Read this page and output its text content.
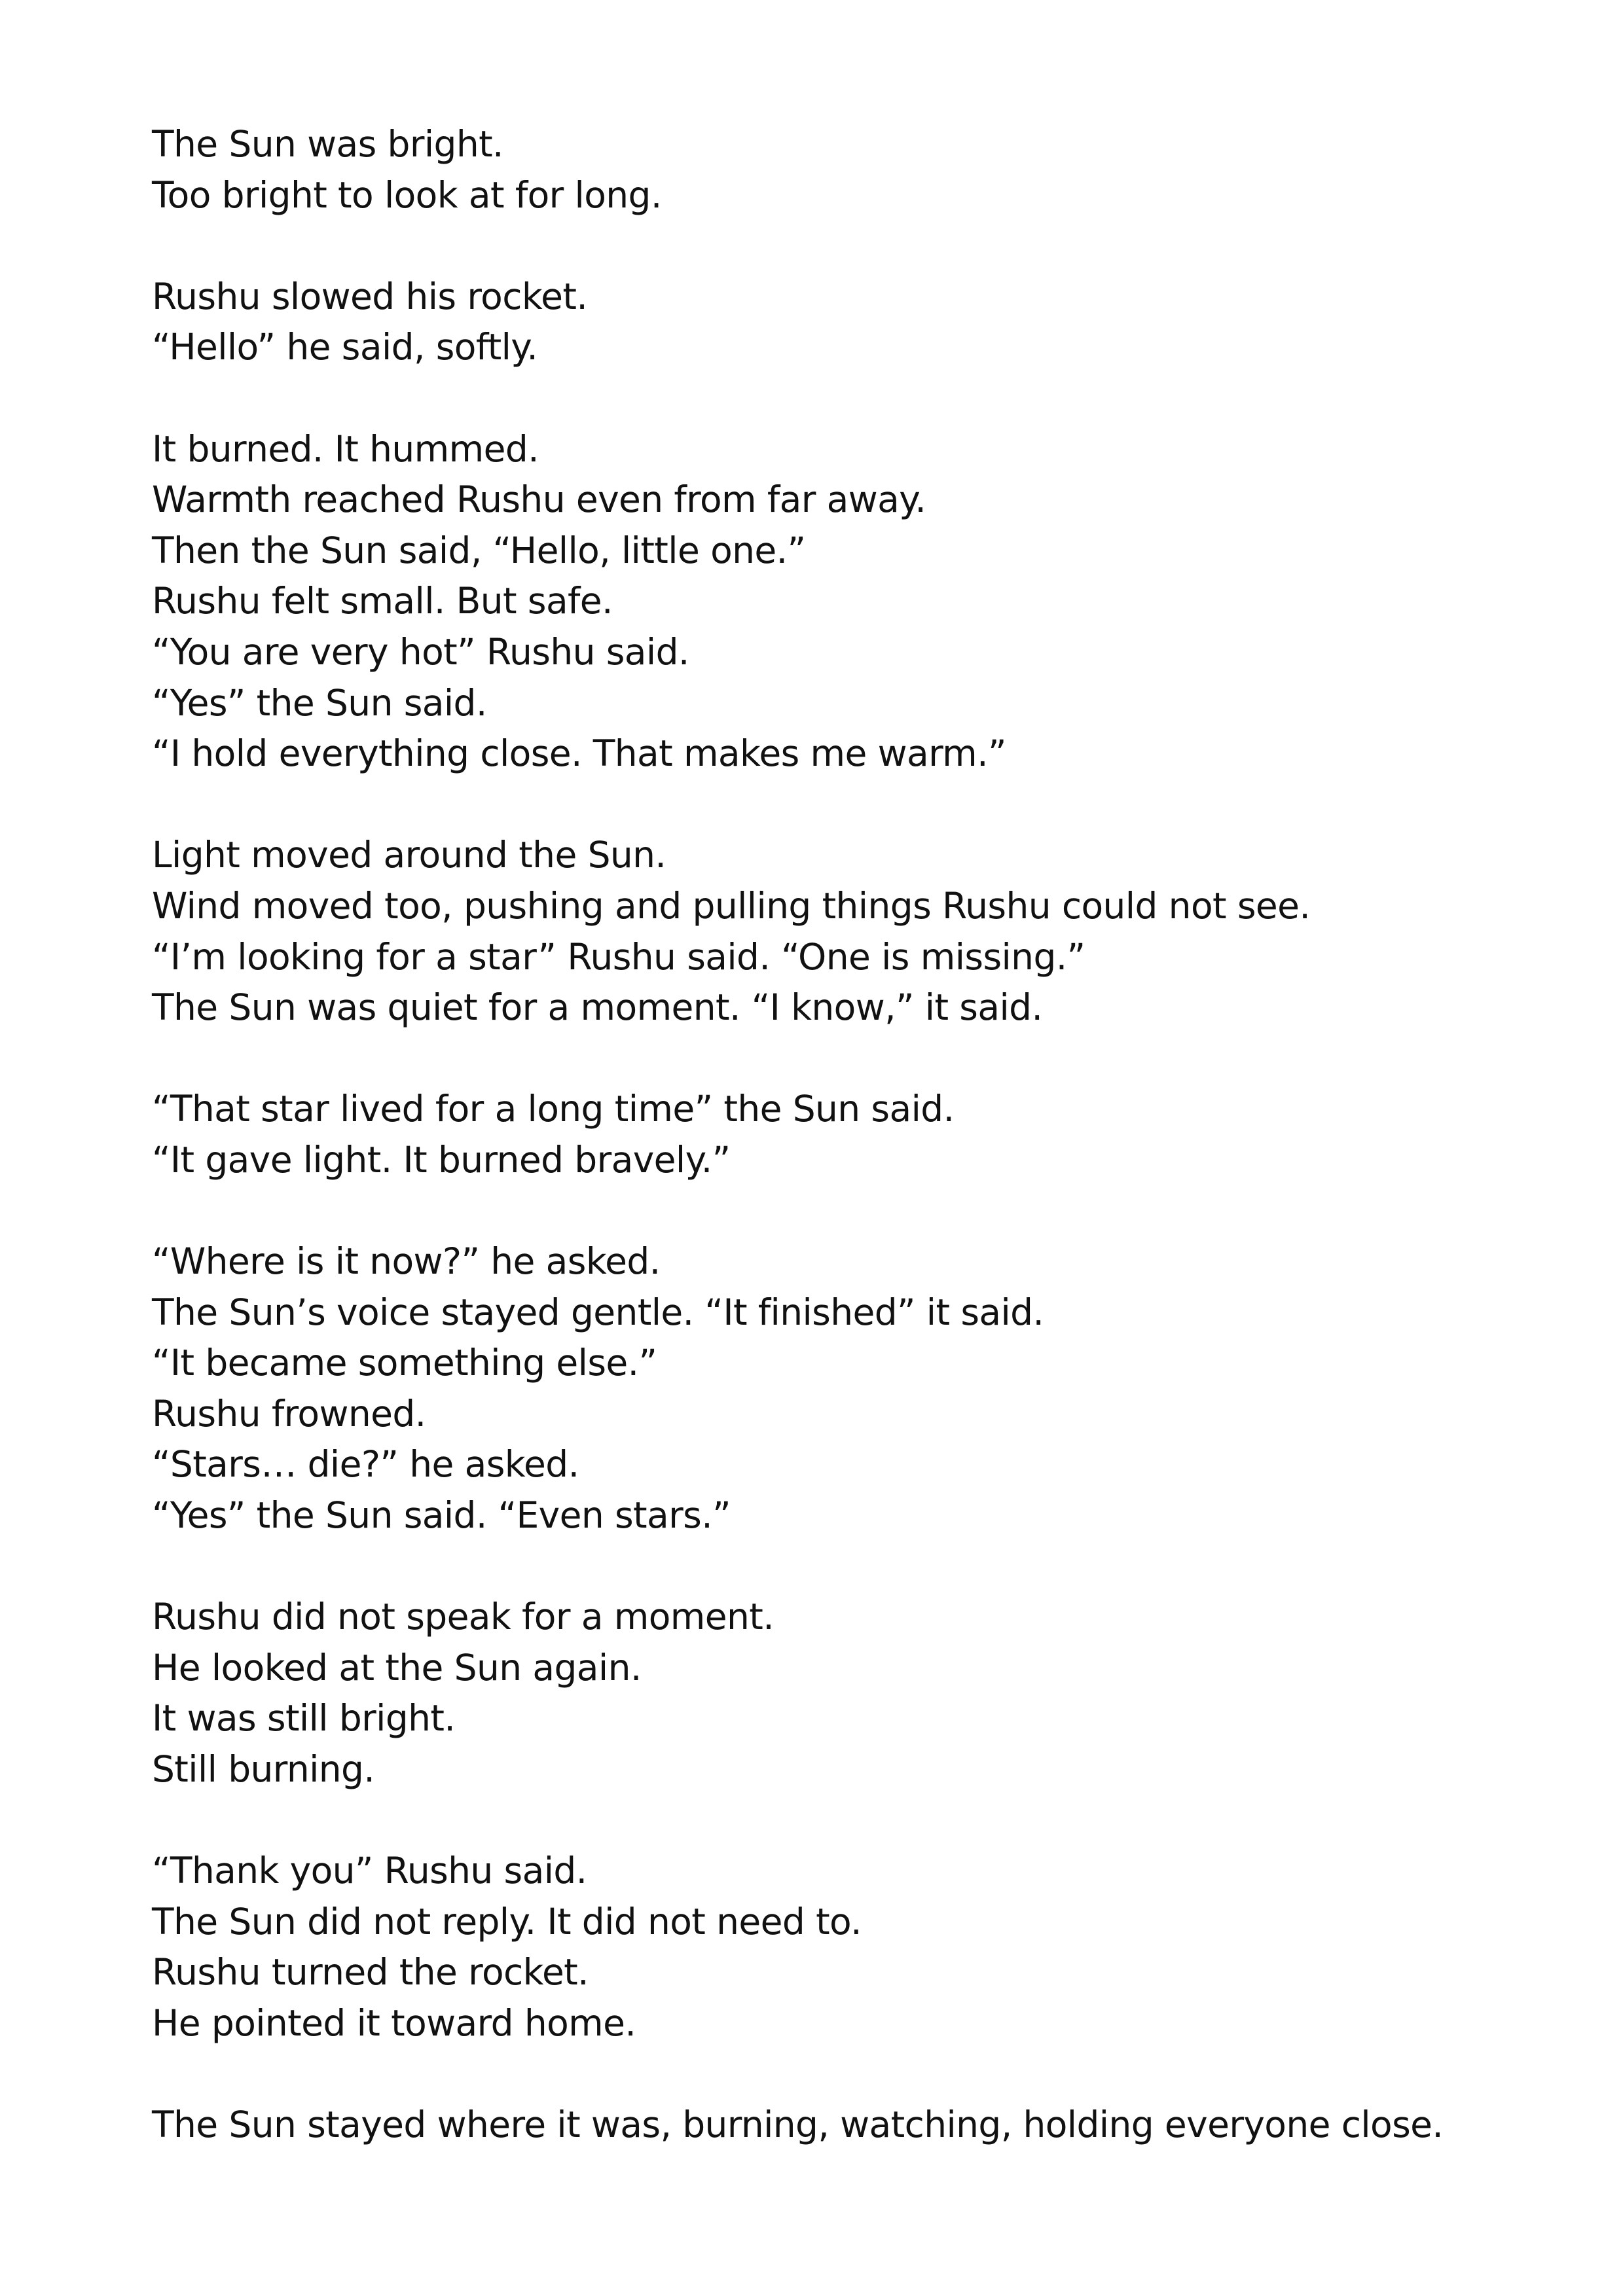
The Sun was bright.
Too bright to look at for long.
Rushu slowed his rocket.
“Hello” he said, softly.
It burned. It hummed.
Warmth reached Rushu even from far away.
Then the Sun said, “Hello, little one.”
Rushu felt small. But safe.
“You are very hot” Rushu said.
“Yes” the Sun said.
“I hold everything close. That makes me warm.”
Light moved around the Sun.
Wind moved too, pushing and pulling things Rushu could not see.
“I’m looking for a star” Rushu said. “One is missing.”
The Sun was quiet for a moment. “I know,” it said.
“That star lived for a long time” the Sun said.
“It gave light. It burned bravely.”
“Where is it now?” he asked.
The Sun’s voice stayed gentle. “It finished” it said.
“It became something else.”
Rushu frowned.
“Stars… die?” he asked.
“Yes” the Sun said. “Even stars.”
Rushu did not speak for a moment.
He looked at the Sun again.
It was still bright.
Still burning.
“Thank you” Rushu said.
The Sun did not reply. It did not need to.
Rushu turned the rocket.
He pointed it toward home.
The Sun stayed where it was, burning, watching, holding everyone close.
